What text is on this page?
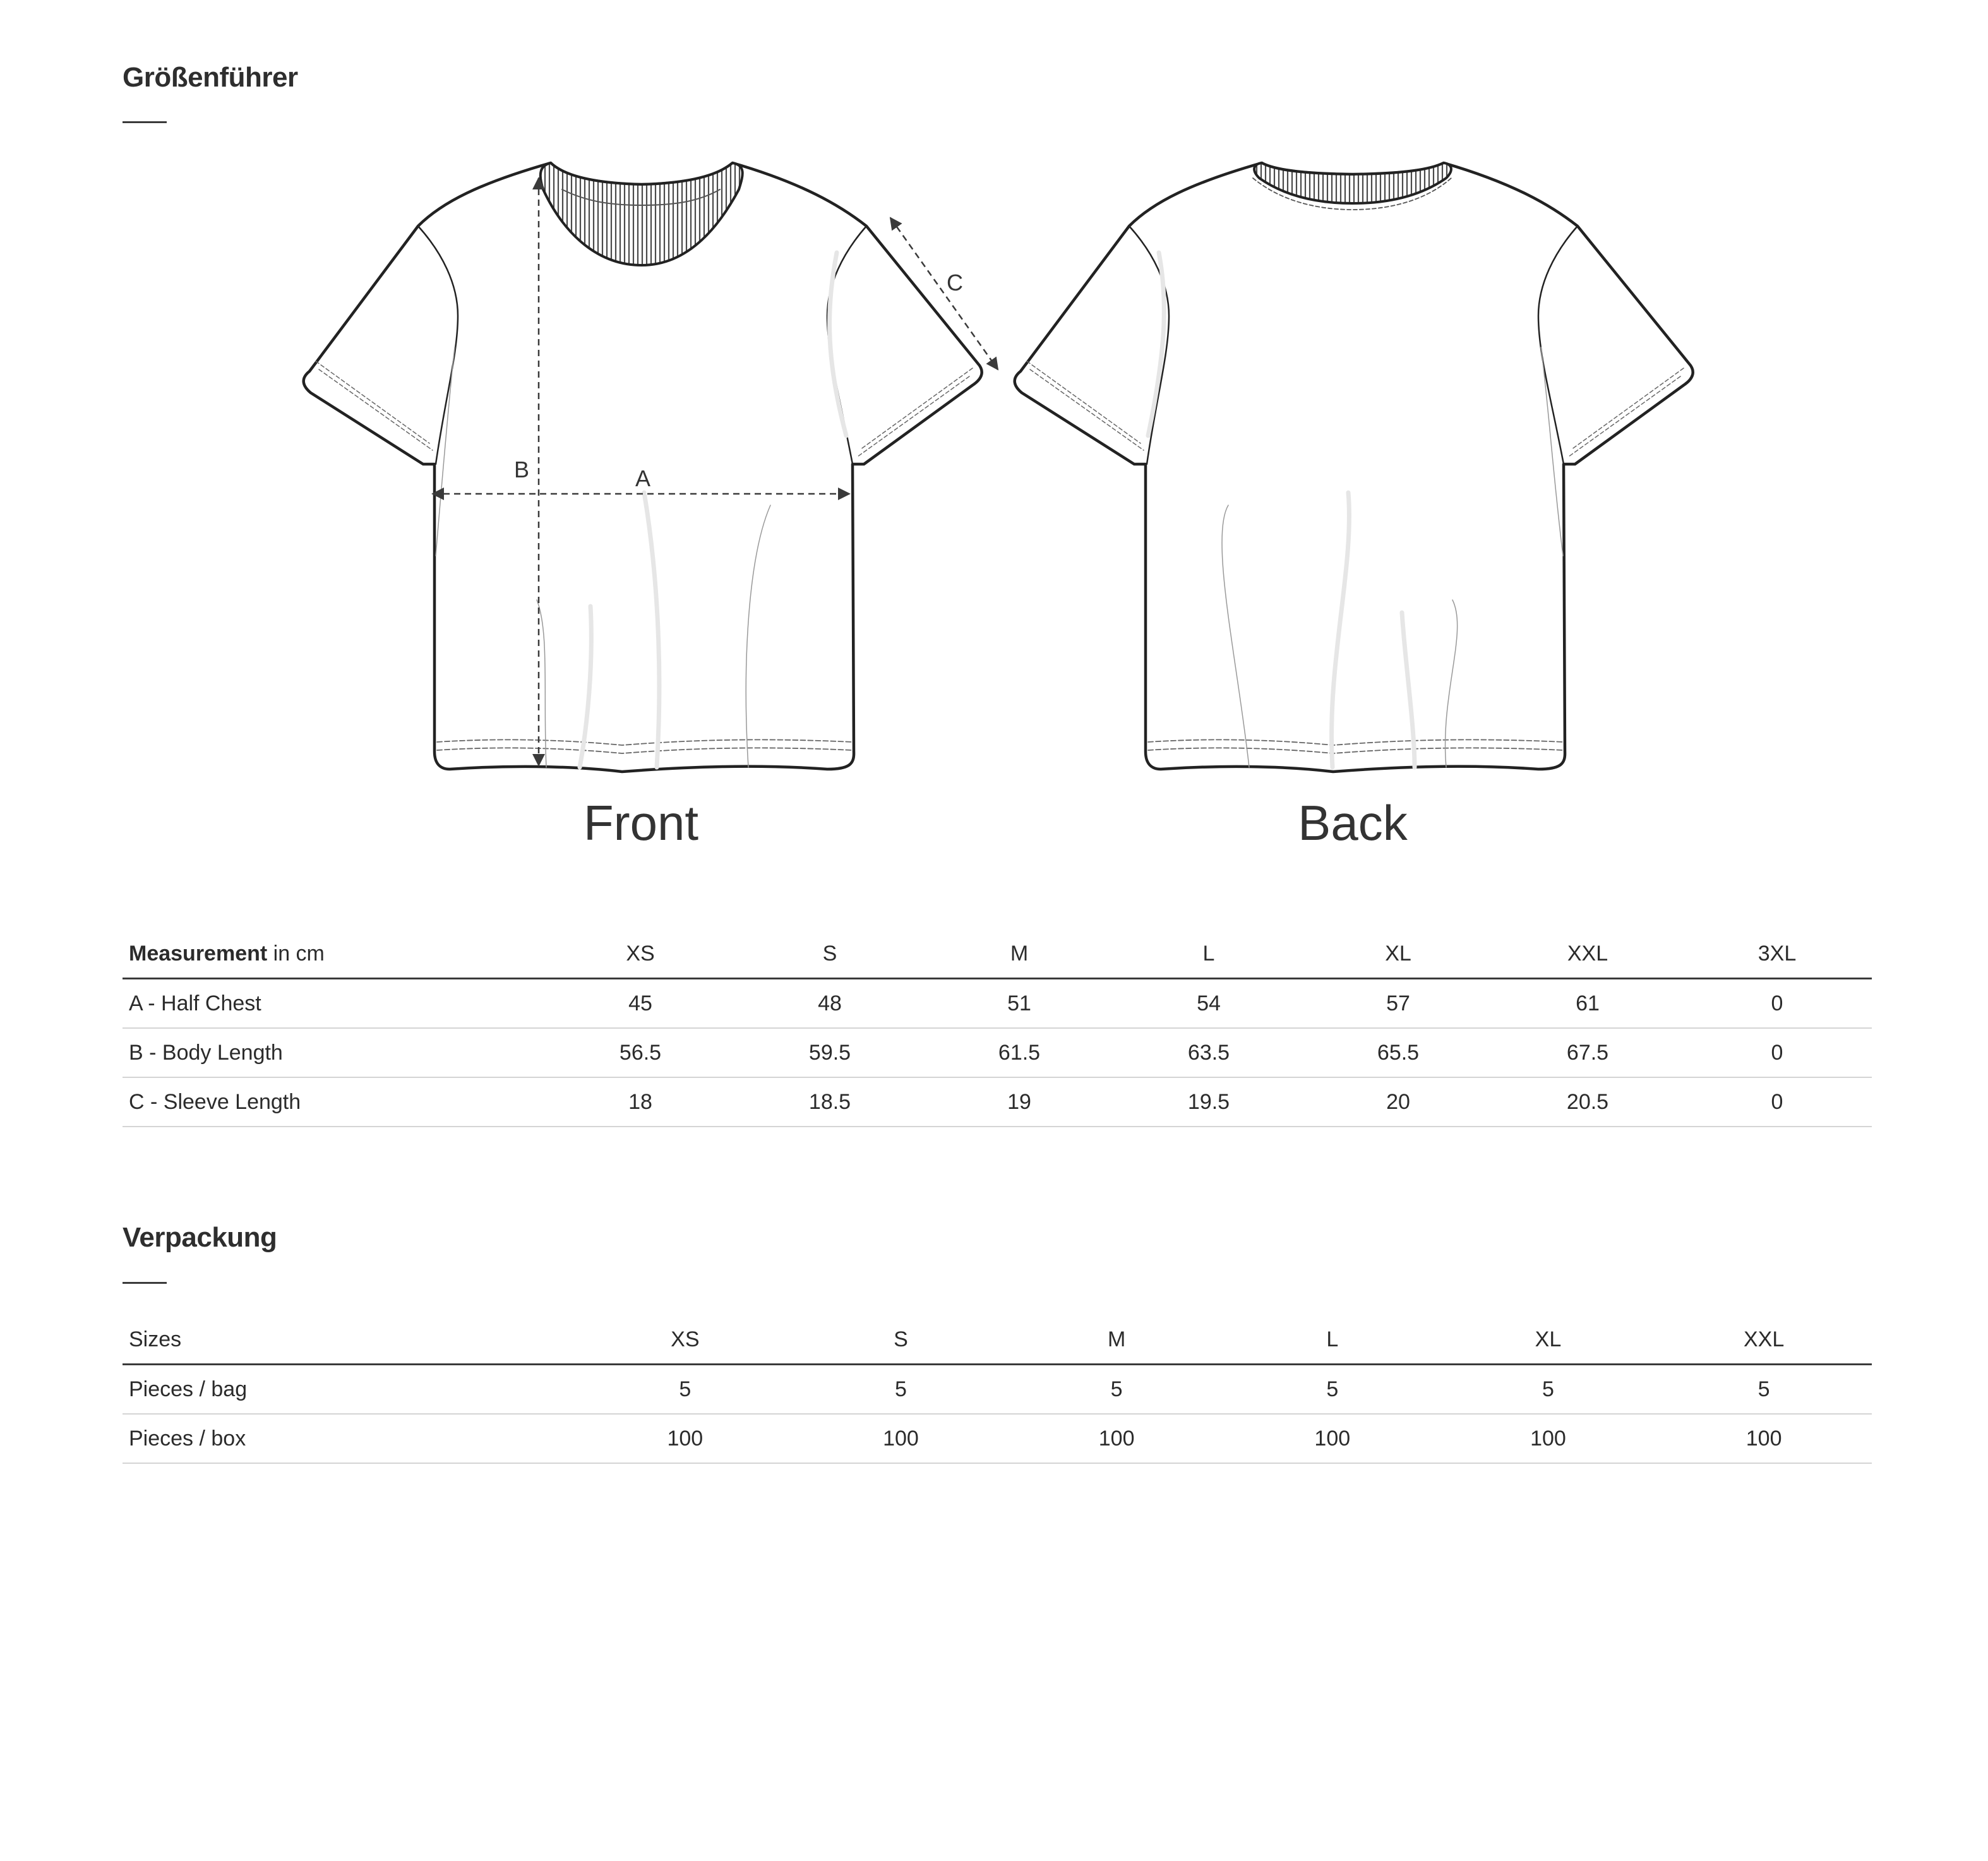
Größenführer
B	A
C
Front	Back
Measurement in cm	XS	S	M	L	XL	XXL	3XL
A - Half Chest	45	48	51	54	57	61	0
B - Body Length	56.5	59.5	61.5	63.5	65.5	67.5	0
C - Sleeve Length	18	18.5	19	19.5	20	20.5	0
Verpackung
Sizes	XS	S	M	L	XL	XXL
Pieces / bag	5	5	5	5	5	5
Pieces / box	100	100	100	100	100	100
